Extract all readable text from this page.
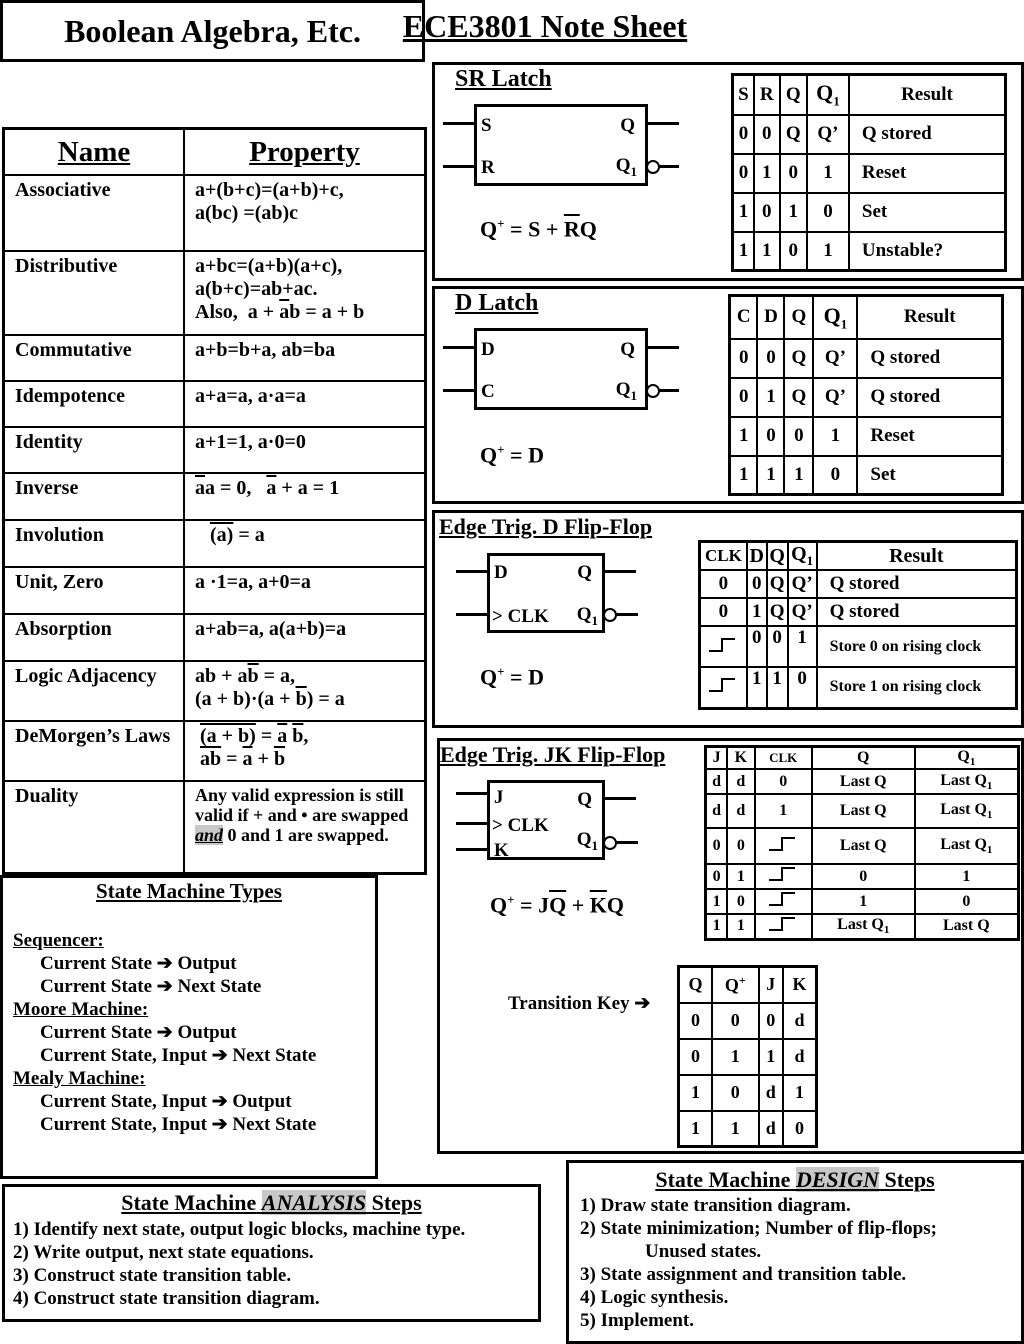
ECE3801 Note Sheet
Boolean Algebra, Etc.
Name	Property
Associative	a+(b+c)=(a+b)+c,
a(bc) =(ab)c

Distributive	a+bc=(a+b)(a+c),
a(b+c)=ab+ac.
Also,  $a + \overline{a}b = a + b$

Commutative	a+b=b+a, ab=ba
Idempotence	a+a=a, a·a=a
Identity	a+1=1, a·0=0
Inverse	$\overline{a}a = 0$,   $\overline{a} + a = 1$
Involution	(a) = a
Unit, Zero	a ·1=a, a+0=a
Absorption	a+ab=a, a(a+b)=a
Logic Adjacency	ab + $a\overline{b} = a$,
$(a + b)\cdot(a + \overline{b}) = a$

DeMorgen’s Laws	$(a + b) = \overline{a}$ $\overline{b}$,
$\overline{ab} = \overline{a} + \overline{b}$

Duality	Any valid expression is still valid if + and • are swapped and 0 and 1 are swapped.
SR Latch
S
R
Q
$Q_1$
$Q^+ = S + \overline{R}Q$
S	R	Q	$Q_1$	Result
0	0	Q	Q’	Q stored
0	1	0	1	Reset
1	0	1	0	Set
1	1	0	1	Unstable?
D Latch
D
C
Q
$Q_1$
Q+ = D
C	D	Q	$Q_1$	Result
0	0	Q	Q’	Q stored
0	1	Q	Q’	Q stored
1	0	0	1	Reset
1	1	1	0	Set
Edge Trig. D Flip-Flop
D
> CLK
Q
$Q_1$
Q+ = D
CLK	D	Q	$Q_1$	Result
0	0	Q	Q’	Q stored
0	1	Q	Q’	Q stored
	0	0	1	Store 0 on rising clock
	1	1	0	Store 1 on rising clock
Edge Trig. JK Flip-Flop
J
> CLK
K
Q
$Q_1$
$Q^+ = J\overline{Q} + \overline{K}Q$
J	K	CLK	Q	$Q_1$
d	d	0	Last Q	Last $Q_1$
d	d	1	Last Q	Last $Q_1$
0	0		Last Q	Last $Q_1$
0	1		0	1
1	0		1	0
1	1		Last $Q_1$	Last Q
Transition Key ➔
Q	Q+	J	K
0	0	0	d
0	1	1	d
1	0	d	1
1	1	d	0
State Machine Types
Sequencer:
Current State ➔ Output
Current State ➔ Next State
Moore Machine:
Current State ➔ Output
Current State, Input ➔ Next State
Mealy Machine:
Current State, Input ➔ Output
Current State, Input ➔ Next State
State Machine ANALYSIS Steps
1) Identify next state, output logic blocks, machine type.
2) Write output, next state equations.
3) Construct state transition table.
4) Construct state transition diagram.
State Machine DESIGN Steps
1) Draw state transition diagram.
2) State minimization; Number of flip-flops;
Unused states.
3) State assignment and transition table.
4) Logic synthesis.
5) Implement.
